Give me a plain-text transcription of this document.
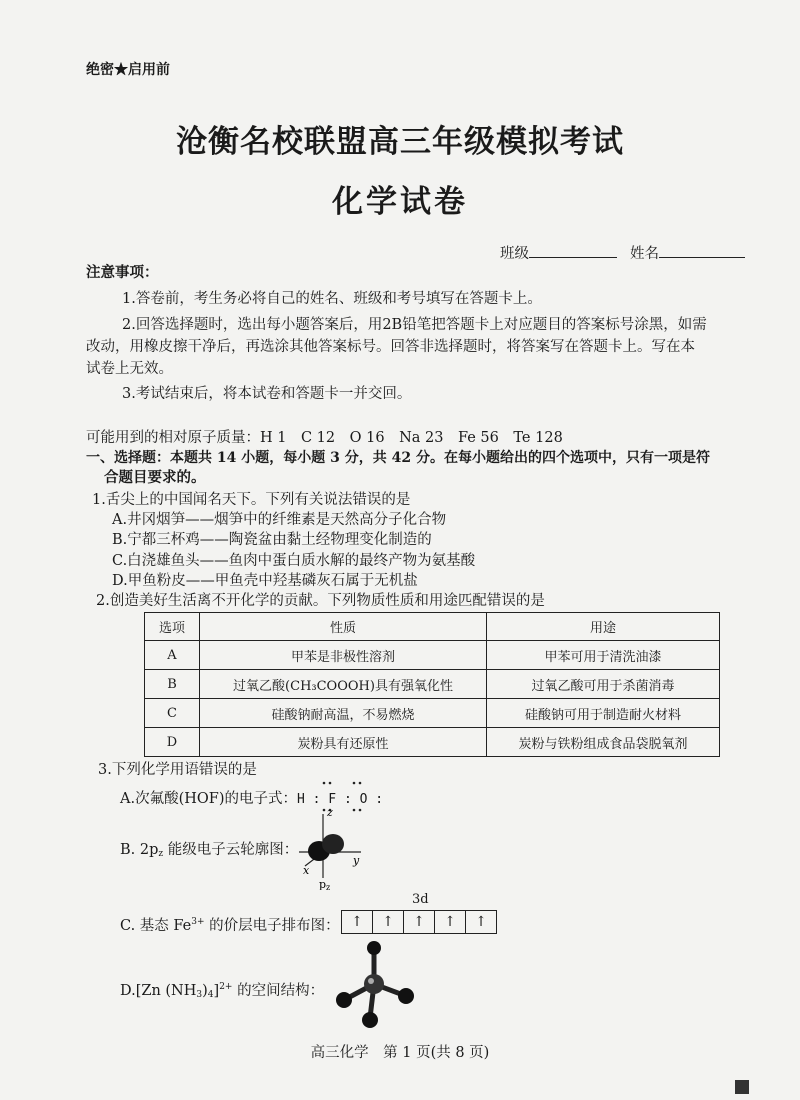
绝密★启用前
沧衡名校联盟高三年级模拟考试
化学试卷
班级	姓名
注意事项：
1.答卷前，考生务必将自己的姓名、班级和考号填写在答题卡上。
2.回答选择题时，选出每小题答案后，用2B铅笔把答题卡上对应题目的答案标号涂黑，如需
改动，用橡皮擦干净后，再选涂其他答案标号。回答非选择题时，将答案写在答题卡上。写在本
试卷上无效。
3.考试结束后，将本试卷和答题卡一并交回。
可能用到的相对原子质量：H 1　C 12　O 16　Na 23　Fe 56　Te 128
一、选择题：本题共 14 小题，每小题 3 分，共 42 分。在每小题给出的四个选项中，只有一项是符
合题目要求的。
1.舌尖上的中国闻名天下。下列有关说法错误的是
A.井冈烟笋——烟笋中的纤维素是天然高分子化合物
B.宁都三杯鸡——陶瓷盆由黏土经物理变化制造的
C.白浇雄鱼头——鱼肉中蛋白质水解的最终产物为氨基酸
D.甲鱼粉皮——甲鱼壳中羟基磷灰石属于无机盐
2.创造美好生活离不开化学的贡献。下列物质性质和用途匹配错误的是
选项	性质	用途
A	甲苯是非极性溶剂	甲苯可用于清洗油漆
B	过氧乙酸(CH₃COOOH)具有强氧化性	过氧乙酸可用于杀菌消毒
C	硅酸钠耐高温，不易燃烧	硅酸钠可用于制造耐火材料
D	炭粉具有还原性	炭粉与铁粉组成食品袋脱氧剂
3.下列化学用语错误的是
A.次氟酸(HOF)的电子式：H : F : O :
B. $2p_z$ 能级电子云轮廓图：
z
x
y
p z
3d
C. 基态 $Fe^{3+}$ 的价层电子排布图： ↑	↑	↑	↑	↑
D.[Zn $(NH_3)_4]^{2+}$ 的空间结构：
高三化学　第 1 页(共 8 页)
